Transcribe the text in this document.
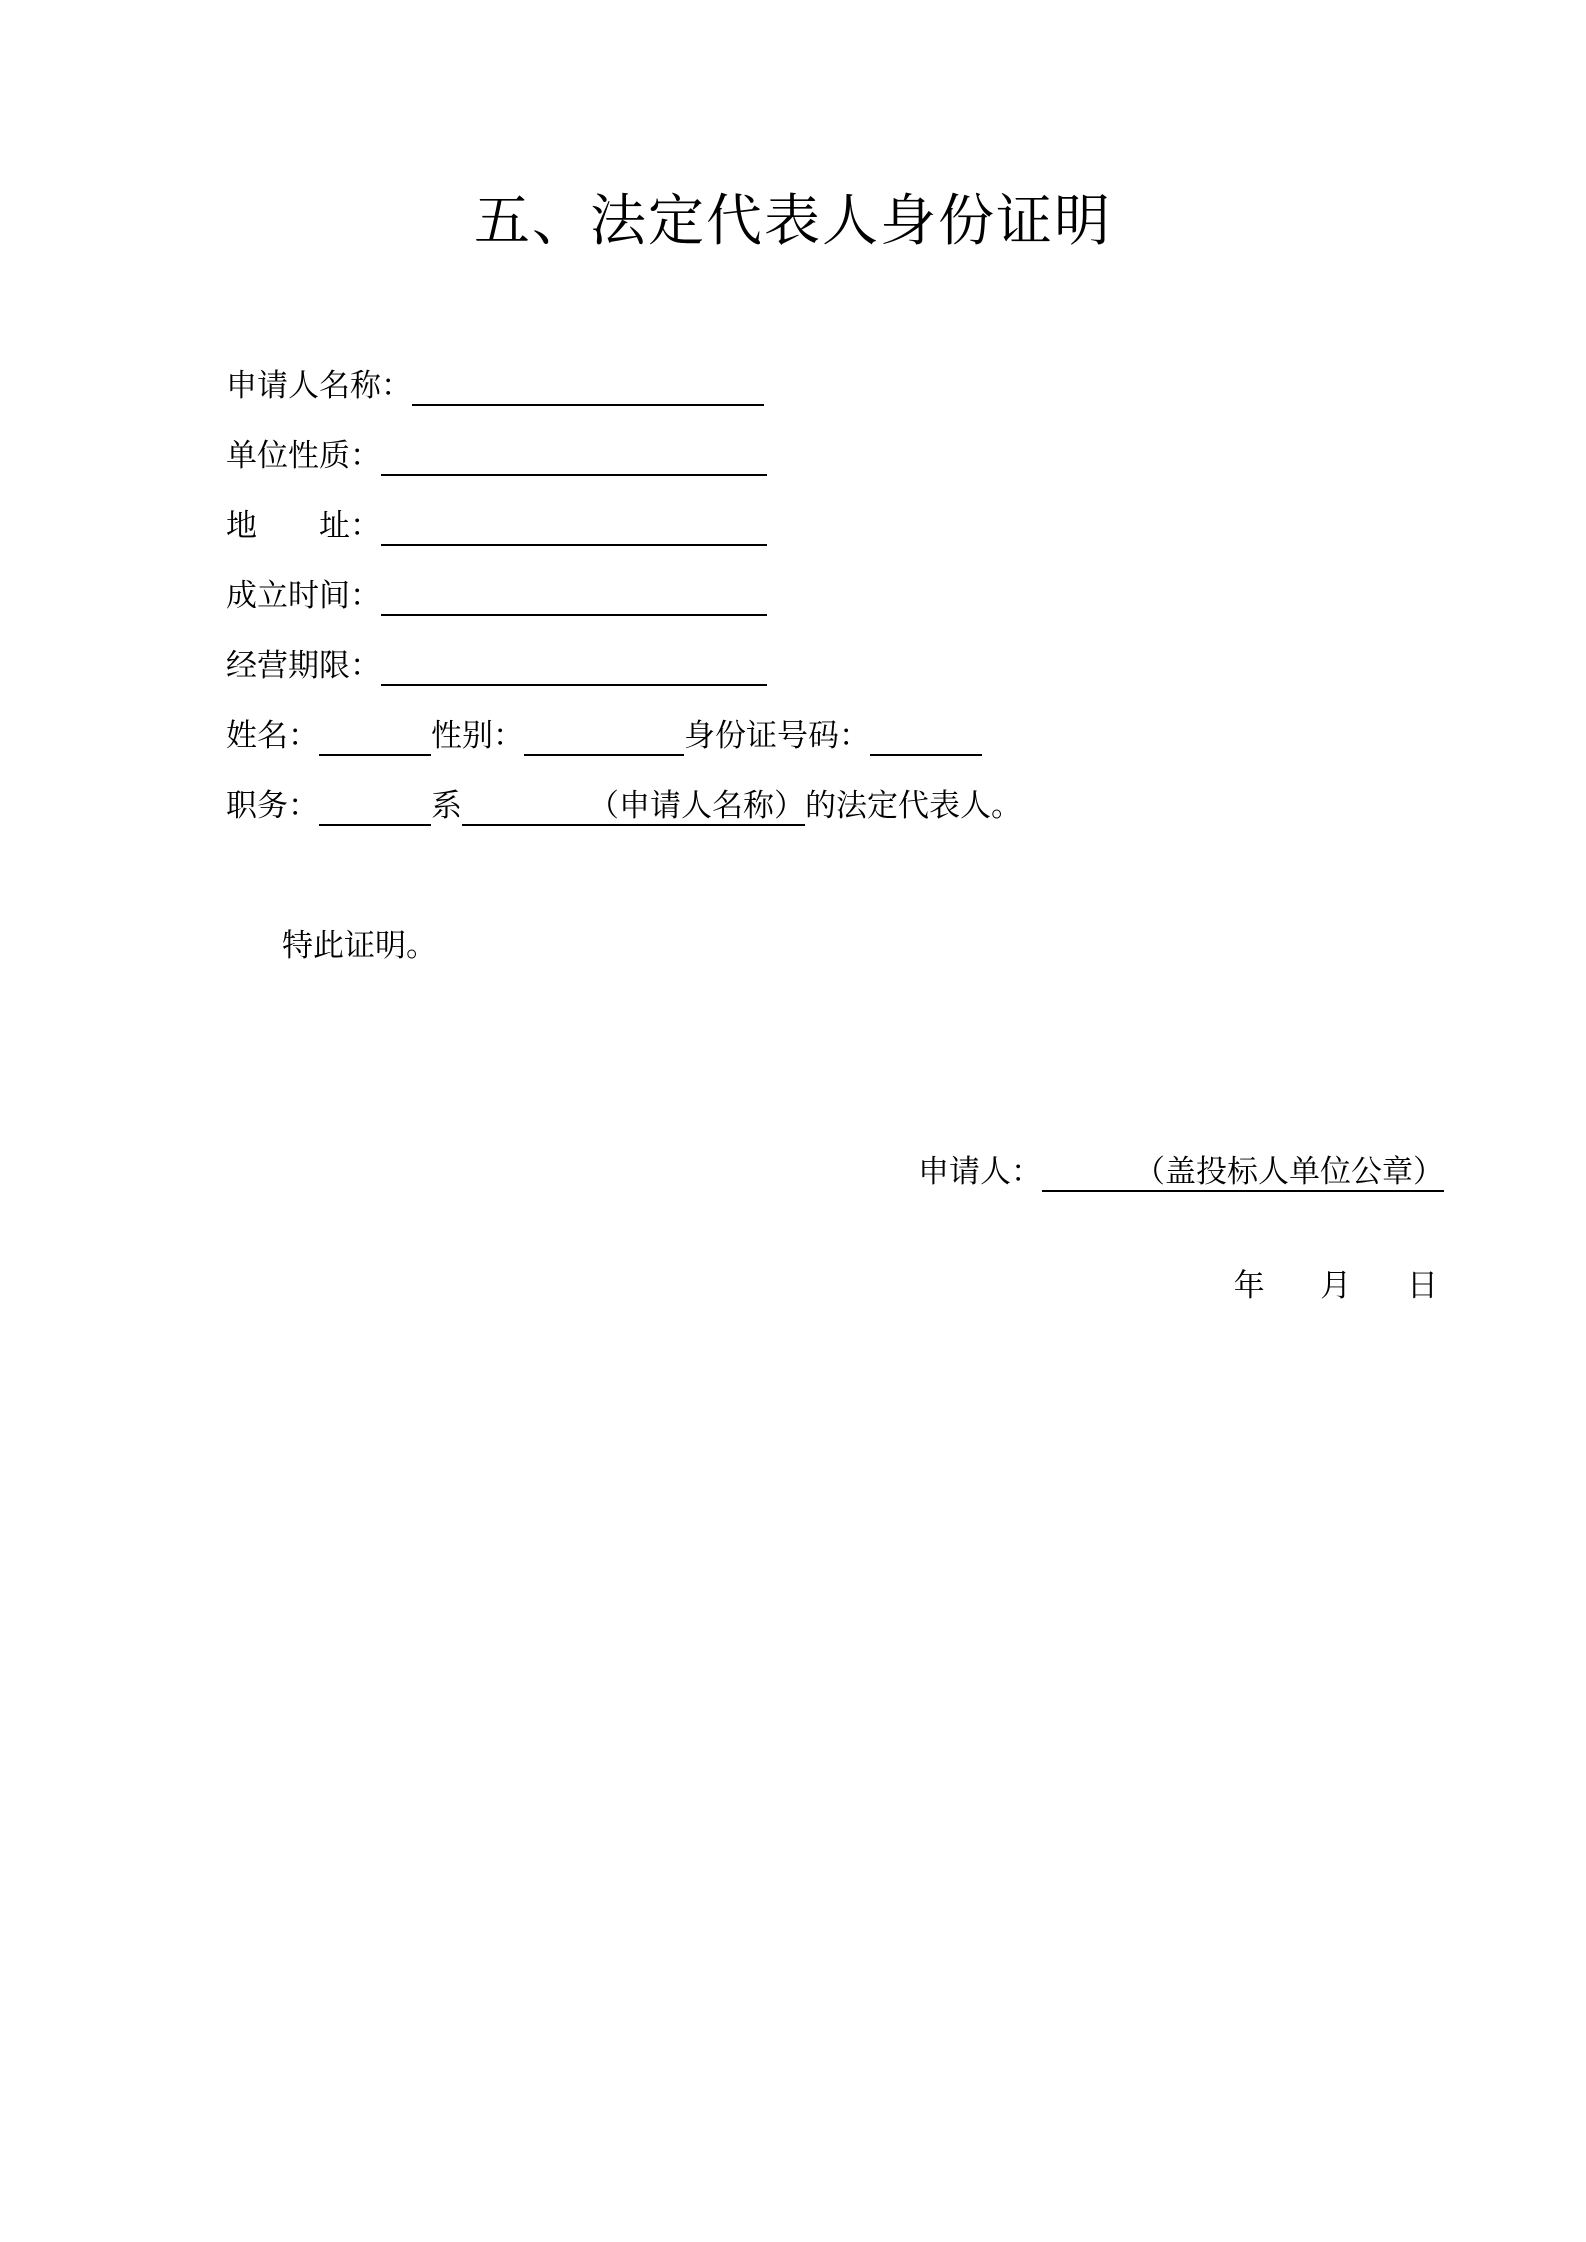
五、法定代表人身份证明
申请人名称：
单位性质：
地 址：
成立时间：
经营期限：
姓名：	性别：	身份证号码：
职务：	系	（申请人名称） 的法定代表人。

特此证明。

申请人：	（盖投标人单位公章）
年 月 日
